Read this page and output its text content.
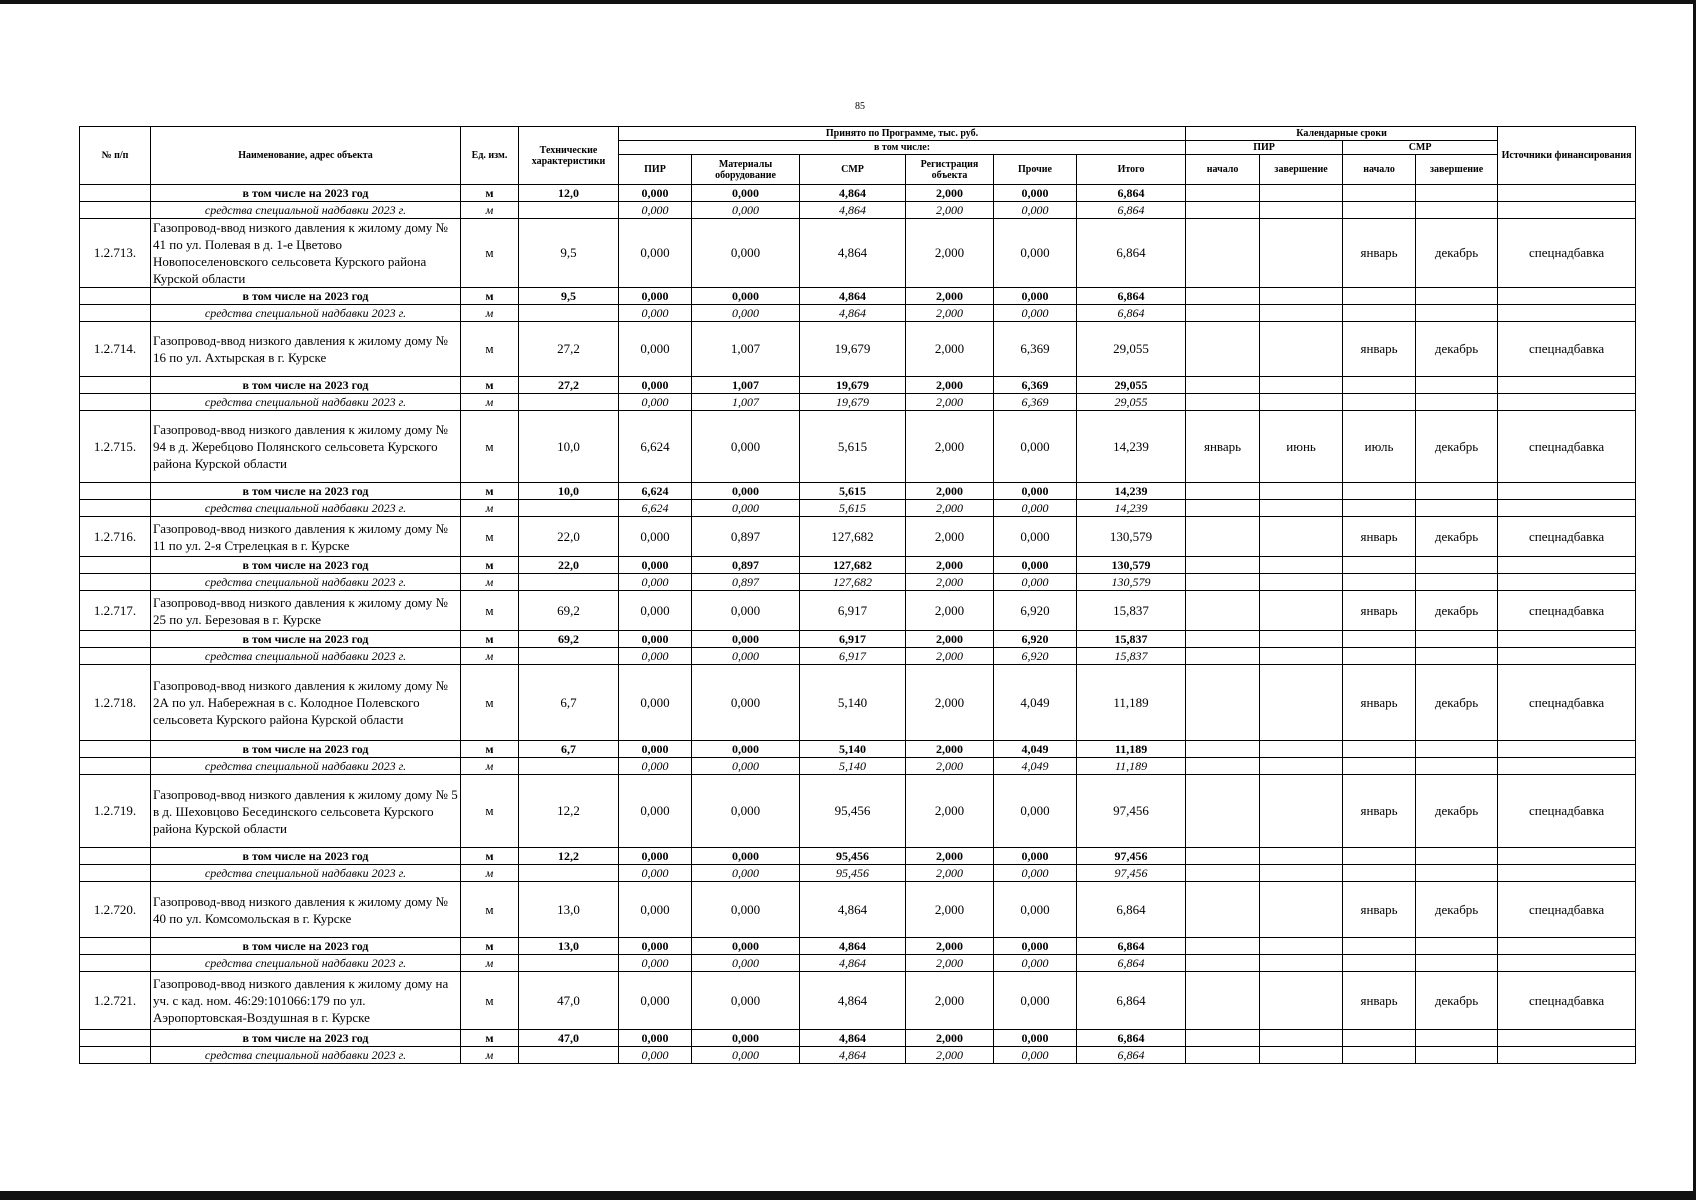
85
№ п/п	Наименование, адрес объекта	Ед. изм.	Технические характеристики	Принято по Программе, тыс. руб.						Календарные сроки				Источники финансирования
				в том числе:						ПИР		СМР		
				ПИР	Материалы оборудование	СМР	Регистрация объекта	Прочие	Итого	начало	завершение	начало	завершение	
	в том числе на 2023 год	м	12,0	0,000	0,000	4,864	2,000	0,000	6,864					
	средства специальной надбавки 2023 г.	м		0,000	0,000	4,864	2,000	0,000	6,864					
1.2.713.	Газопровод-ввод низкого давления к жилому дому № 41 по ул. Полевая в д. 1-е Цветово Новопоселеновского сельсовета Курского района Курской области	м	9,5	0,000	0,000	4,864	2,000	0,000	6,864			январь	декабрь	спецнадбавка
	в том числе на 2023 год	м	9,5	0,000	0,000	4,864	2,000	0,000	6,864					
	средства специальной надбавки 2023 г.	м		0,000	0,000	4,864	2,000	0,000	6,864					
1.2.714.	Газопровод-ввод низкого давления к жилому дому № 16 по ул. Ахтырская в г. Курске	м	27,2	0,000	1,007	19,679	2,000	6,369	29,055			январь	декабрь	спецнадбавка
	в том числе на 2023 год	м	27,2	0,000	1,007	19,679	2,000	6,369	29,055					
	средства специальной надбавки 2023 г.	м		0,000	1,007	19,679	2,000	6,369	29,055					
1.2.715.	Газопровод-ввод низкого давления к жилому дому № 94 в д. Жеребцово Полянского сельсовета Курского района Курской области	м	10,0	6,624	0,000	5,615	2,000	0,000	14,239	январь	июнь	июль	декабрь	спецнадбавка
	в том числе на 2023 год	м	10,0	6,624	0,000	5,615	2,000	0,000	14,239					
	средства специальной надбавки 2023 г.	м		6,624	0,000	5,615	2,000	0,000	14,239					
1.2.716.	Газопровод-ввод низкого давления к жилому дому № 11 по ул. 2-я Стрелецкая в г. Курске	м	22,0	0,000	0,897	127,682	2,000	0,000	130,579			январь	декабрь	спецнадбавка
	в том числе на 2023 год	м	22,0	0,000	0,897	127,682	2,000	0,000	130,579					
	средства специальной надбавки 2023 г.	м		0,000	0,897	127,682	2,000	0,000	130,579					
1.2.717.	Газопровод-ввод низкого давления к жилому дому № 25 по ул. Березовая в г. Курске	м	69,2	0,000	0,000	6,917	2,000	6,920	15,837			январь	декабрь	спецнадбавка
	в том числе на 2023 год	м	69,2	0,000	0,000	6,917	2,000	6,920	15,837					
	средства специальной надбавки 2023 г.	м		0,000	0,000	6,917	2,000	6,920	15,837					
1.2.718.	Газопровод-ввод низкого давления к жилому дому № 2А по ул. Набережная в с. Колодное Полевского сельсовета Курского района Курской области	м	6,7	0,000	0,000	5,140	2,000	4,049	11,189			январь	декабрь	спецнадбавка
	в том числе на 2023 год	м	6,7	0,000	0,000	5,140	2,000	4,049	11,189					
	средства специальной надбавки 2023 г.	м		0,000	0,000	5,140	2,000	4,049	11,189					
1.2.719.	Газопровод-ввод низкого давления к жилому дому № 5 в д. Шеховцово Бесединского сельсовета Курского района Курской области	м	12,2	0,000	0,000	95,456	2,000	0,000	97,456			январь	декабрь	спецнадбавка
	в том числе на 2023 год	м	12,2	0,000	0,000	95,456	2,000	0,000	97,456					
	средства специальной надбавки 2023 г.	м		0,000	0,000	95,456	2,000	0,000	97,456					
1.2.720.	Газопровод-ввод низкого давления к жилому дому № 40 по ул. Комсомольская в г. Курске	м	13,0	0,000	0,000	4,864	2,000	0,000	6,864			январь	декабрь	спецнадбавка
	в том числе на 2023 год	м	13,0	0,000	0,000	4,864	2,000	0,000	6,864					
	средства специальной надбавки 2023 г.	м		0,000	0,000	4,864	2,000	0,000	6,864					
1.2.721.	Газопровод-ввод низкого давления к жилому дому на уч. с кад. ном. 46:29:101066:179 по ул. Аэропортовская-Воздушная в г. Курске	м	47,0	0,000	0,000	4,864	2,000	0,000	6,864			январь	декабрь	спецнадбавка
	в том числе на 2023 год	м	47,0	0,000	0,000	4,864	2,000	0,000	6,864					
	средства специальной надбавки 2023 г.	м		0,000	0,000	4,864	2,000	0,000	6,864					
